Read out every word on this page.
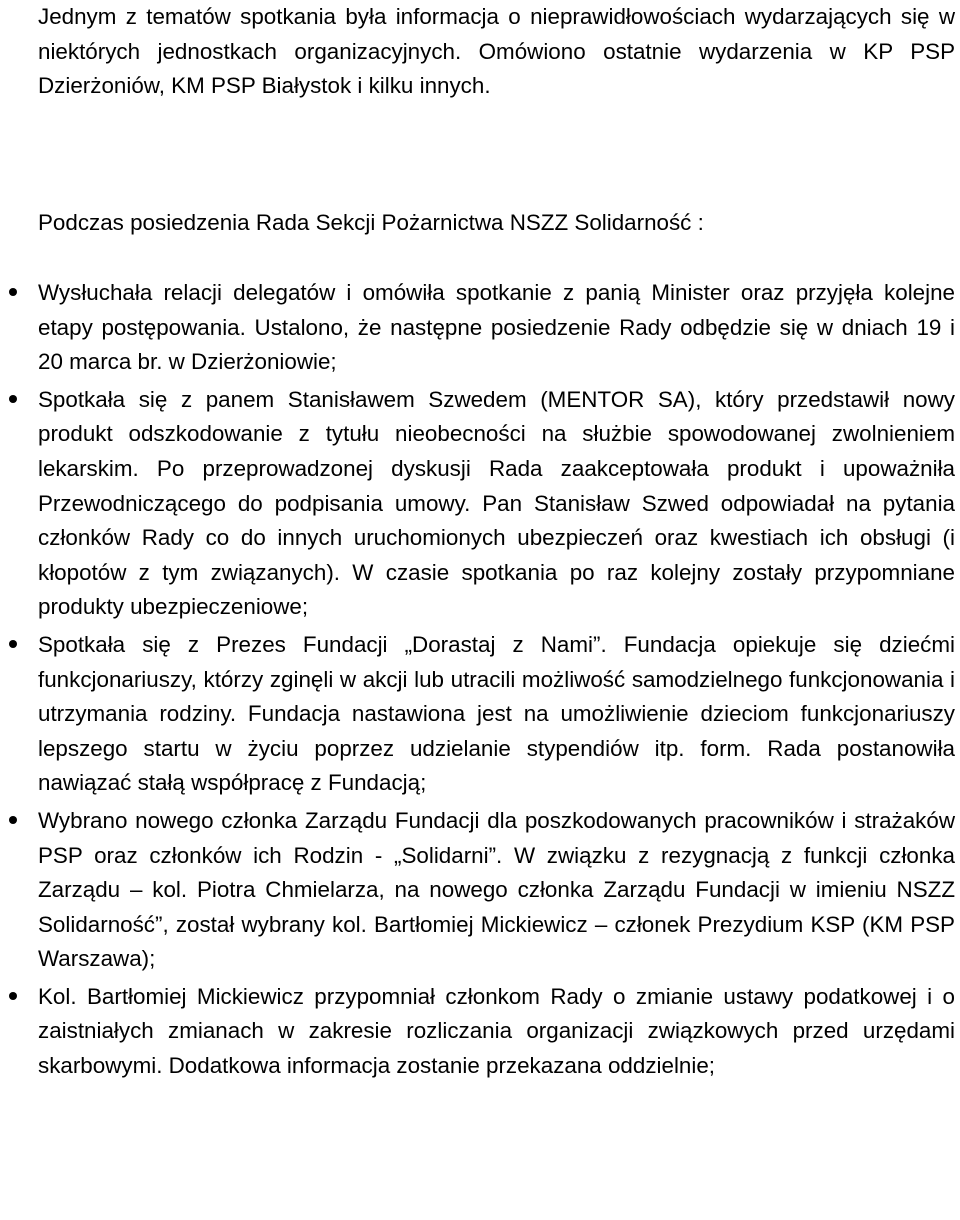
Jednym z tematów spotkania była informacja o nieprawidłowościach wydarzających się w niektórych jednostkach organizacyjnych. Omówiono ostatnie wydarzenia w KP PSP Dzierżoniów, KM PSP Białystok i kilku innych.

Podczas posiedzenia Rada Sekcji Pożarnictwa NSZZ Solidarność :

Wysłuchała relacji delegatów i omówiła spotkanie z panią Minister oraz przyjęła kolejne etapy postępowania. Ustalono, że następne posiedzenie Rady odbędzie się w dniach 19 i 20 marca br. w Dzierżoniowie;
Spotkała się z panem Stanisławem Szwedem (MENTOR SA), który przedstawił nowy produkt odszkodowanie z tytułu nieobecności na służbie spowodowanej zwolnieniem lekarskim. Po przeprowadzonej dyskusji Rada zaakceptowała produkt i upoważniła Przewodniczącego do podpisania umowy. Pan Stanisław Szwed odpowiadał na pytania członków Rady co do innych uruchomionych ubezpieczeń oraz kwestiach ich obsługi (i kłopotów z tym związanych). W czasie spotkania po raz kolejny zostały przypomniane produkty ubezpieczeniowe;
Spotkała się z Prezes Fundacji „Dorastaj z Nami”. Fundacja opiekuje się dziećmi funkcjonariuszy, którzy zginęli w akcji lub utracili możliwość samodzielnego funkcjonowania i utrzymania rodziny. Fundacja nastawiona jest na umożliwienie dzieciom funkcjonariuszy lepszego startu w życiu poprzez udzielanie stypendiów itp. form. Rada postanowiła nawiązać stałą współpracę z Fundacją;
Wybrano nowego członka Zarządu Fundacji dla poszkodowanych pracowników i strażaków PSP oraz członków ich Rodzin - „Solidarni”. W związku z rezygnacją z funkcji członka Zarządu – kol. Piotra Chmielarza, na nowego członka Zarządu Fundacji w imieniu NSZZ Solidarność”, został wybrany kol. Bartłomiej Mickiewicz – członek Prezydium KSP (KM PSP Warszawa);
Kol. Bartłomiej Mickiewicz przypomniał członkom Rady o zmianie ustawy podatkowej i o zaistniałych zmianach w zakresie rozliczania organizacji związkowych przed urzędami skarbowymi. Dodatkowa informacja zostanie przekazana oddzielnie;
